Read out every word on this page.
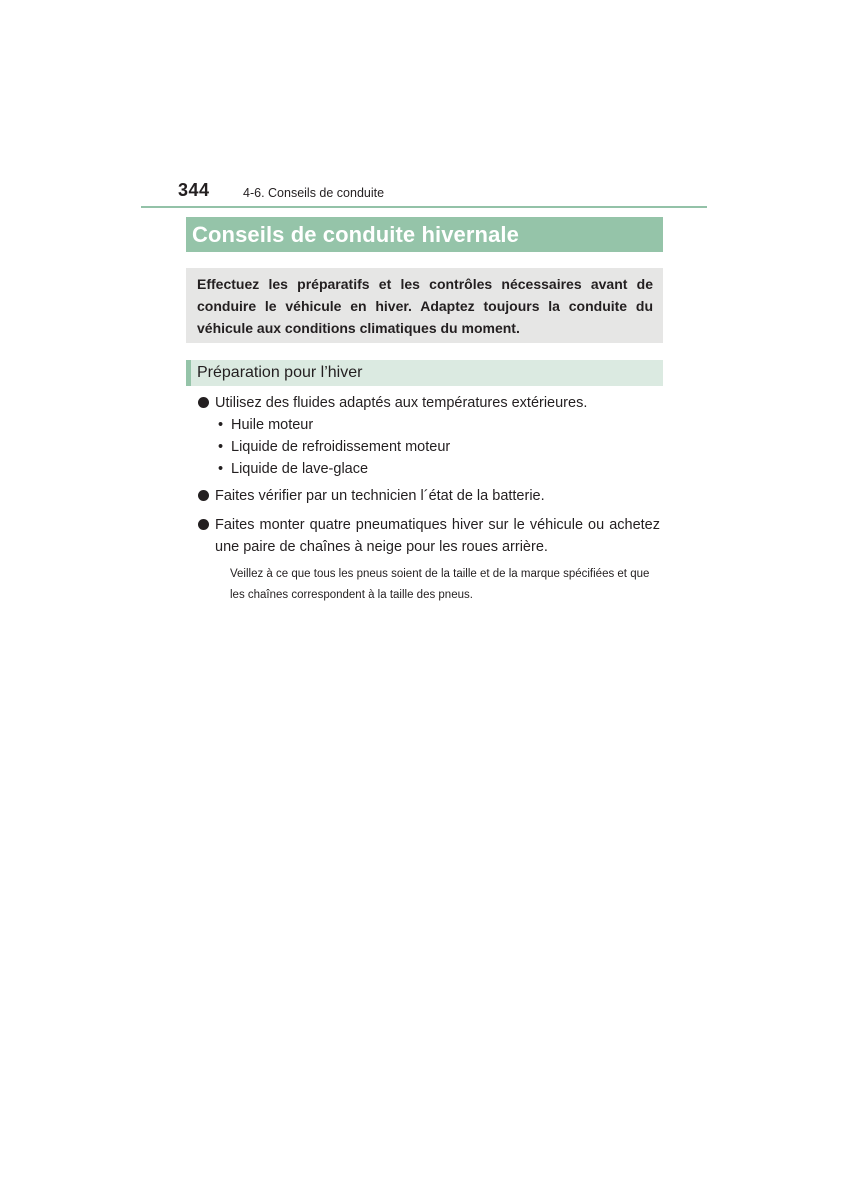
344	4-6. Conseils de conduite
Conseils de conduite hivernale
Effectuez les préparatifs et les contrôles nécessaires avant de conduire le véhicule en hiver. Adaptez toujours la conduite du véhicule aux conditions climatiques du moment.
Préparation pour l’hiver
Utilisez des fluides adaptés aux températures extérieures.
• Huile moteur
• Liquide de refroidissement moteur
• Liquide de lave-glace
Faites vérifier par un technicien l´état de la batterie.
Faites monter quatre pneumatiques hiver sur le véhicule ou achetez une paire de chaînes à neige pour les roues arrière.
Veillez à ce que tous les pneus soient de la taille et de la marque spécifiées et que les chaînes correspondent à la taille des pneus.
